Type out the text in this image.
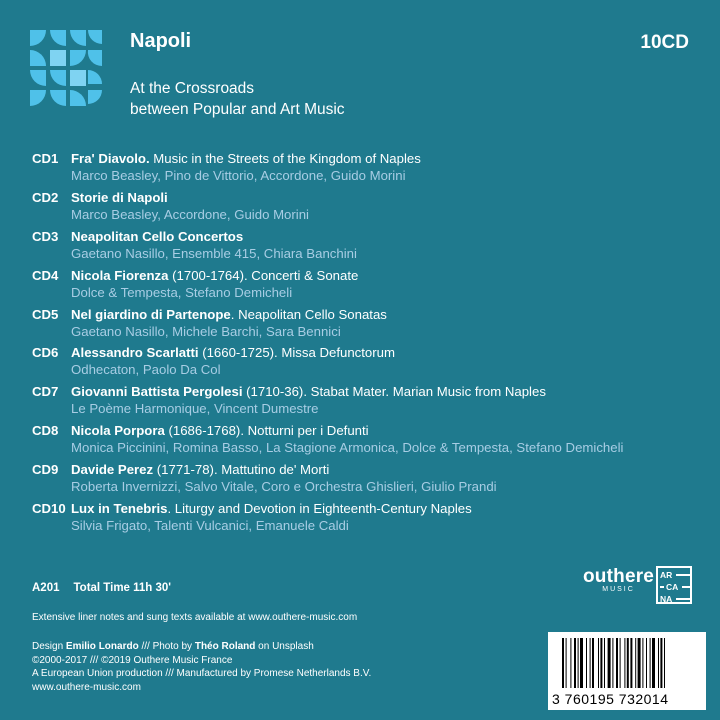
Napoli	10CD
At the Crossroads
between Popular and Art Music
CD1 Fra' Diavolo. Music in the Streets of the Kingdom of Naples
Marco Beasley, Pino de Vittorio, Accordone, Guido Morini
CD2 Storie di Napoli
Marco Beasley, Accordone, Guido Morini
CD3 Neapolitan Cello Concertos
Gaetano Nasillo, Ensemble 415, Chiara Banchini
CD4 Nicola Fiorenza (1700-1764). Concerti & Sonate
Dolce & Tempesta, Stefano Demicheli
CD5 Nel giardino di Partenope. Neapolitan Cello Sonatas
Gaetano Nasillo, Michele Barchi, Sara Bennici
CD6 Alessandro Scarlatti (1660-1725). Missa Defunctorum
Odhecaton, Paolo Da Col
CD7 Giovanni Battista Pergolesi (1710-36). Stabat Mater. Marian Music from Naples
Le Poème Harmonique, Vincent Dumestre
CD8 Nicola Porpora (1686-1768). Notturni per i Defunti
Monica Piccinini, Romina Basso, La Stagione Armonica, Dolce & Tempesta, Stefano Demicheli
CD9 Davide Perez (1771-78). Mattutino de' Morti
Roberta Invernizzi, Salvo Vitale, Coro e Orchestra Ghislieri, Giulio Prandi
CD10 Lux in Tenebris. Liturgy and Devotion in Eighteenth-Century Naples
Silvia Frigato, Talenti Vulcanici, Emanuele Caldi
A201 Total Time 11h 30'
Extensive liner notes and sung texts available at www.outhere-music.com
Design Emilio Lonardo /// Photo by Théo Roland on Unsplash
©2000-2017 /// ©2019 Outhere Music France
A European Union production /// Manufactured by Promese Netherlands B.V.
www.outhere-music.com
outhere
MUSIC
AR
CA
NA
3 760195 732014
